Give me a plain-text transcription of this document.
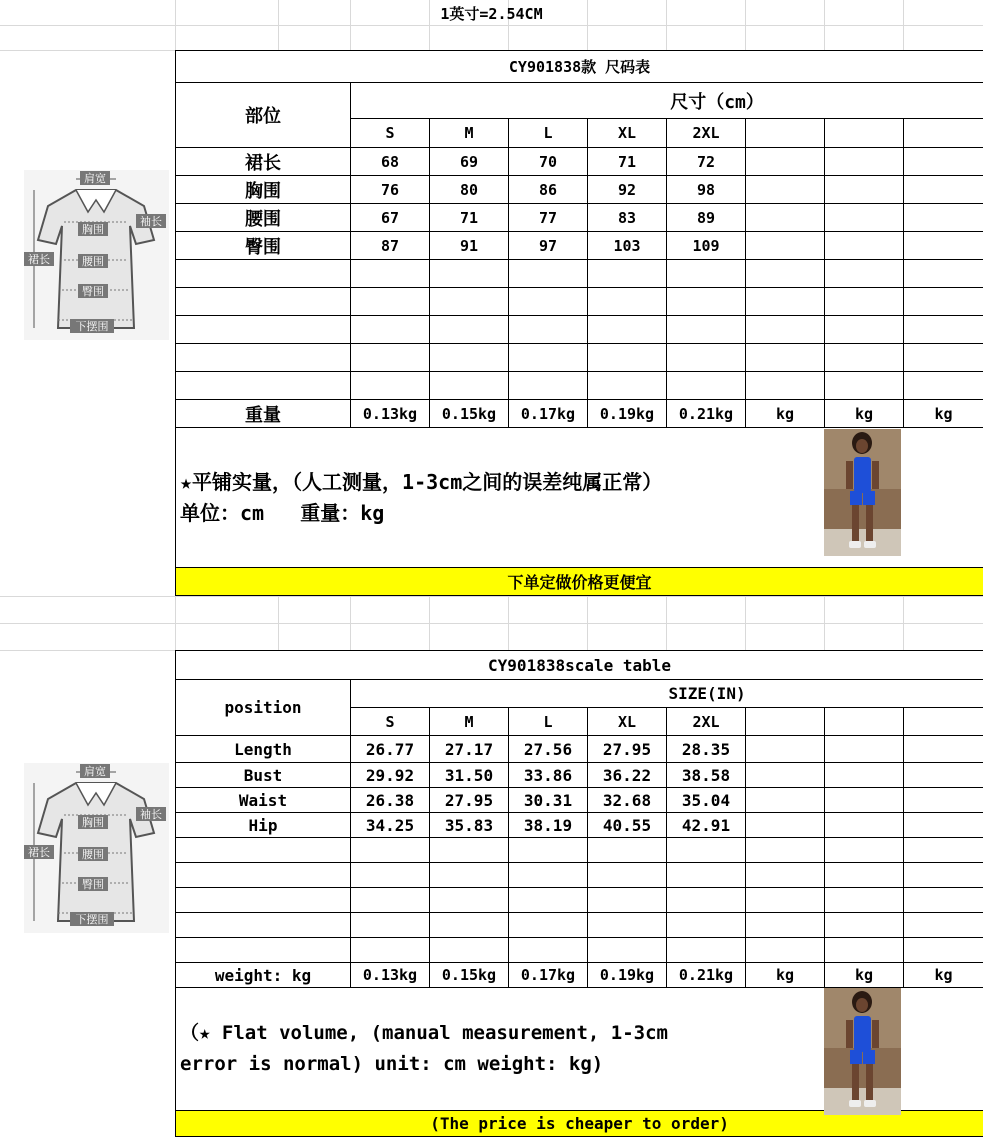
1英寸=2.54CM
CY901838款 尺码表								
部位	尺寸（cm）							
	S	M	L	XL	2XL			
裙长	68	69	70	71	72			
胸围	76	80	86	92	98			
腰围	67	71	77	83	89			
臀围	87	91	97	103	109			

重量	0.13kg	0.15kg	0.17kg	0.19kg	0.21kg	kg	kg	kg

★平铺实量，（人工测量，1-3cm之间的误差纯属正常）
单位：cm   重量：kg								

下单定做价格更便宜								
CY901838scale table								
position	SIZE(IN)							
	S	M	L	XL	2XL			
Length	26.77	27.17	27.56	27.95	28.35			
Bust	29.92	31.50	33.86	36.22	38.58			
Waist	26.38	27.95	30.31	32.68	35.04			
Hip	34.25	35.83	38.19	40.55	42.91			

weight: kg	0.13kg	0.15kg	0.17kg	0.19kg	0.21kg	kg	kg	kg

（★ Flat volume, (manual measurement, 1-3cm
error is normal) unit: cm weight: kg)								

(The price is cheaper to order)								
肩宽
袖长
胸围
裙长	腰围
臀围
下摆围
肩宽
袖长
胸围
裙长	腰围
臀围
下摆围
